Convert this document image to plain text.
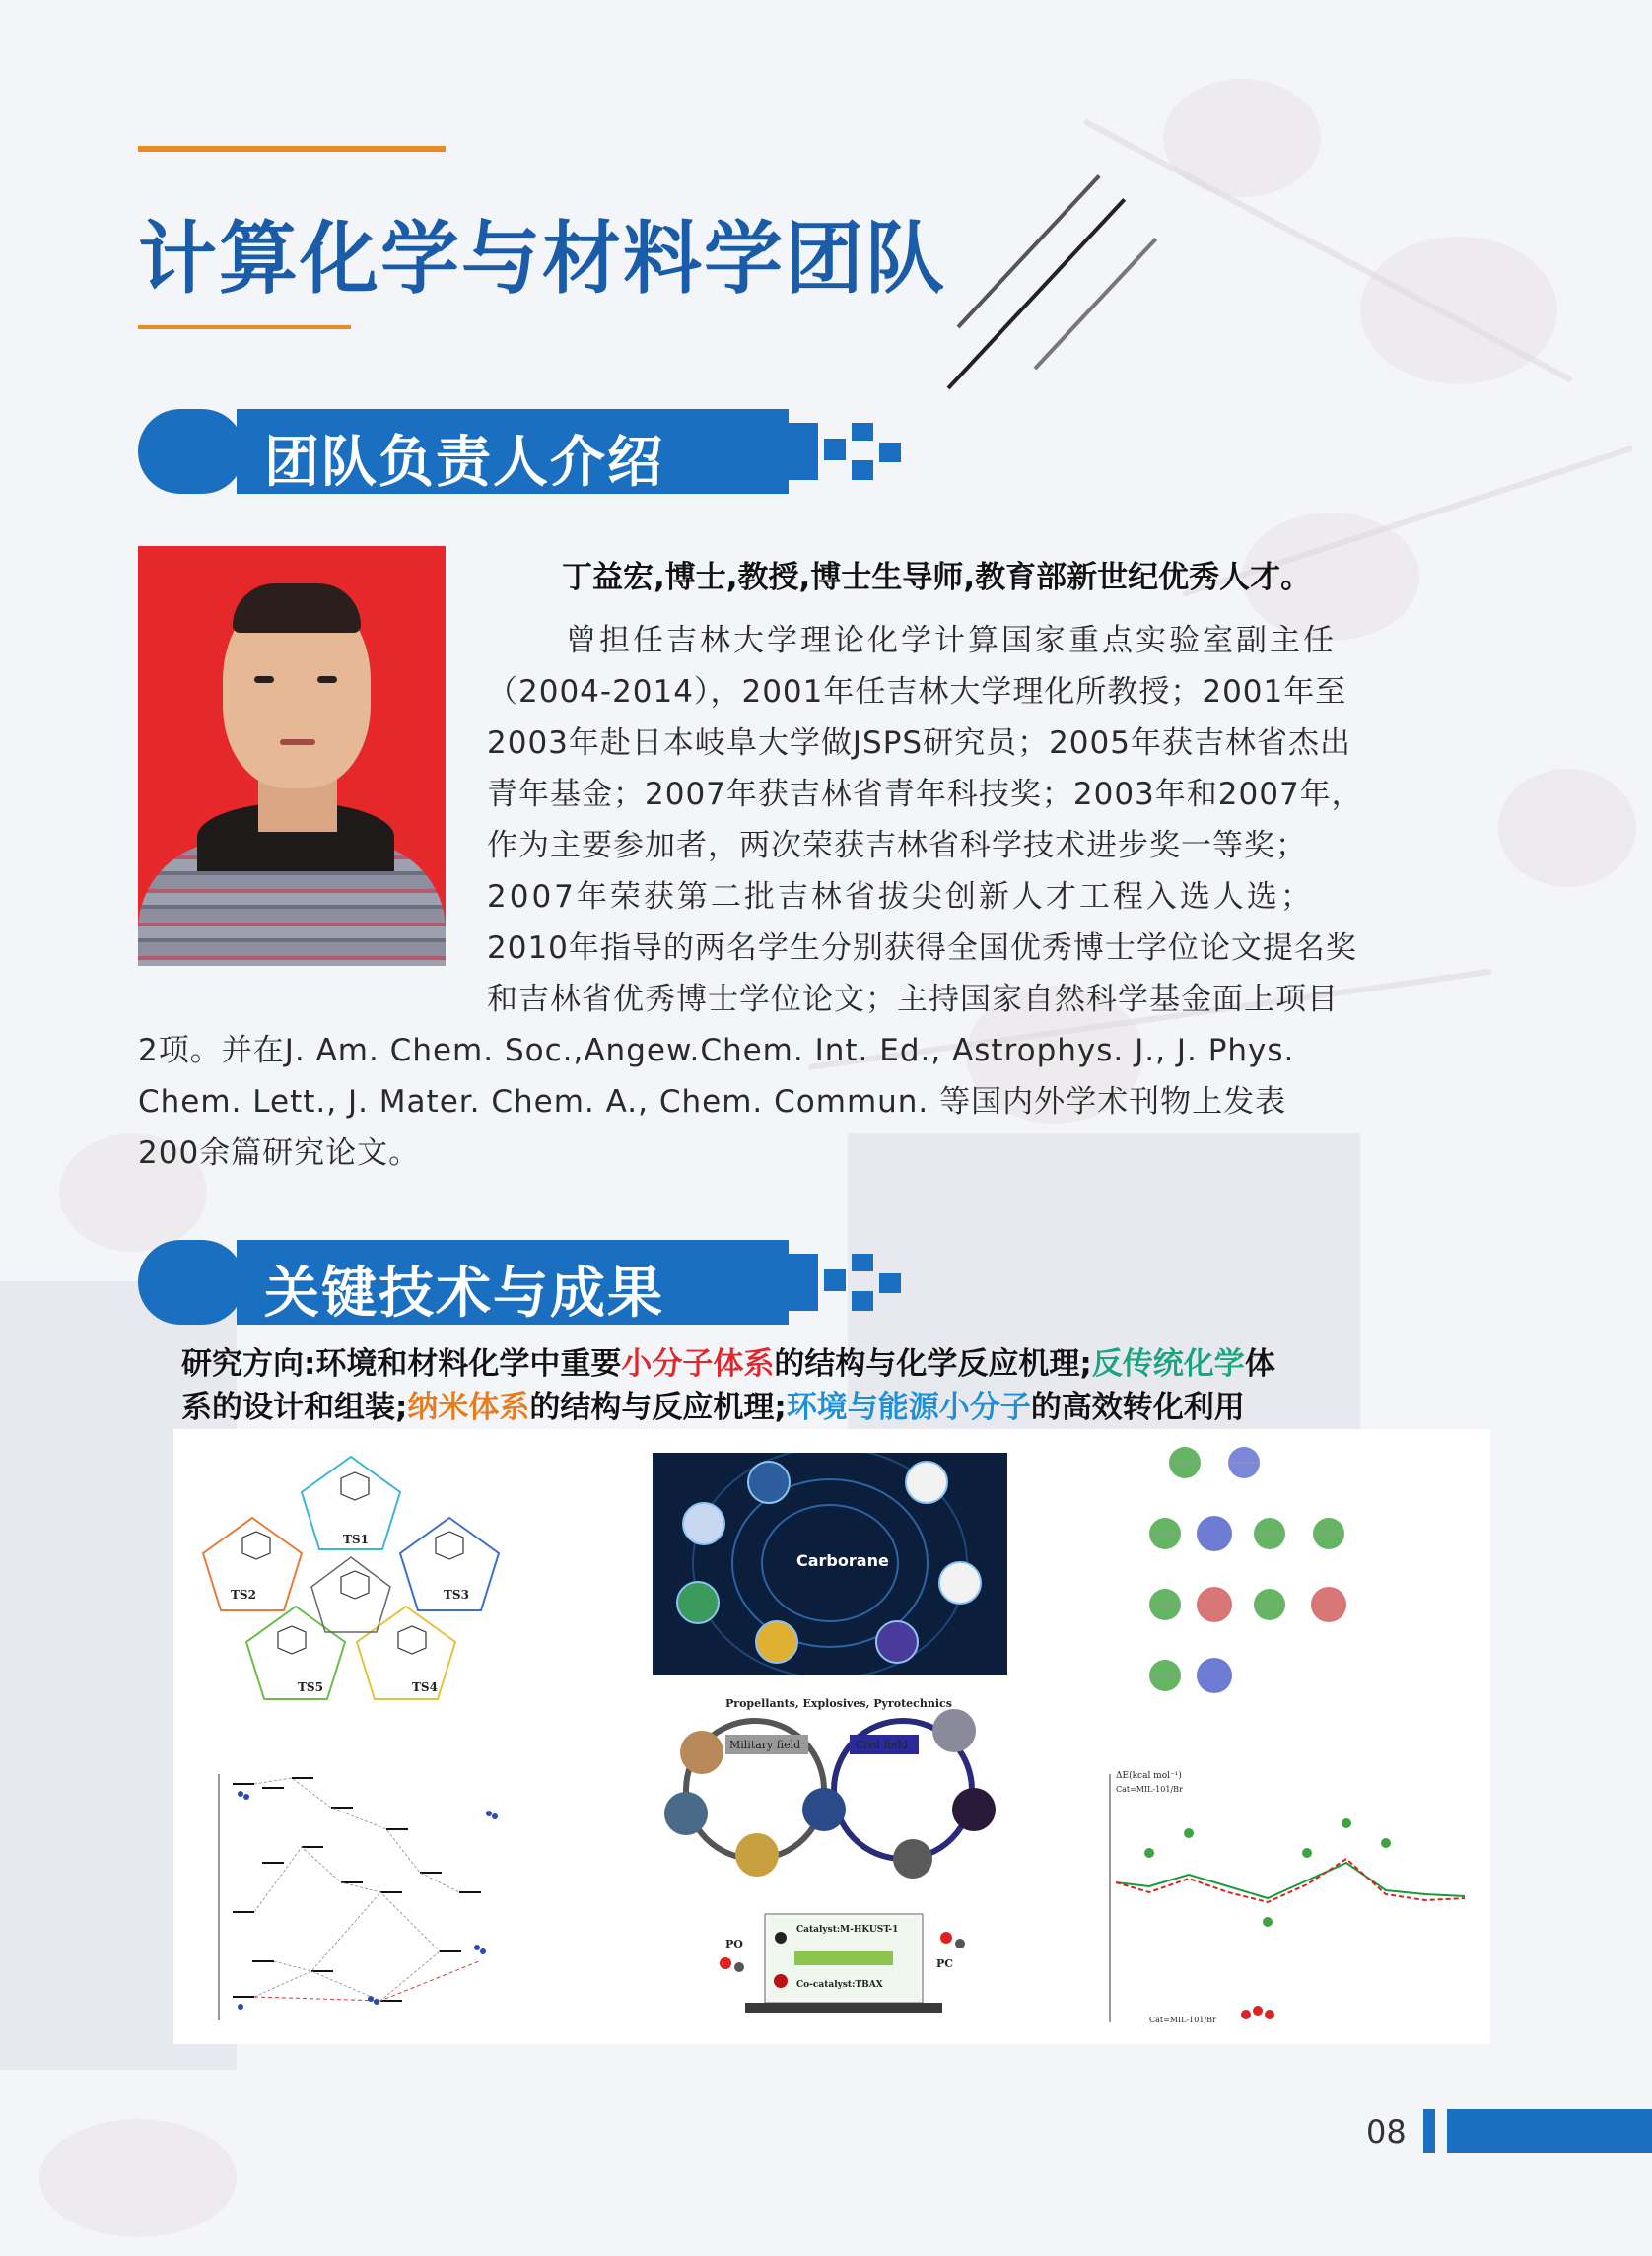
计算化学与材料学团队
团队负责人介绍
丁益宏,博士,教授,博士生导师,教育部新世纪优秀人才。
曾担任吉林大学理论化学计算国家重点实验室副主任
（2004-2014），2001年任吉林大学理化所教授；2001年至
2003年赴日本岐阜大学做JSPS研究员；2005年获吉林省杰出
青年基金；2007年获吉林省青年科技奖；2003年和2007年，
作为主要参加者，两次荣获吉林省科学技术进步奖一等奖；
2007年荣获第二批吉林省拔尖创新人才工程入选人选；
2010年指导的两名学生分别获得全国优秀博士学位论文提名奖
和吉林省优秀博士学位论文；主持国家自然科学基金面上项目
2项。并在J. Am. Chem. Soc.,Angew.Chem. Int. Ed., Astrophys. J., J. Phys.
Chem. Lett., J. Mater. Chem. A., Chem. Commun. 等国内外学术刊物上发表
200余篇研究论文。
关键技术与成果
研究方向:环境和材料化学中重要小分子体系的结构与化学反应机理;反传统化学体
系的设计和组装;纳米体系的结构与反应机理;环境与能源小分子的高效转化利用
TS1
TS2	TS3
TS4
TS5
Carborane
Propellants, Explosives, Pyrotechnics
Military field	Civil field
Catalyst:M-HKUST-1
Co-catalyst:TBAX
PO
PC
ΔE(kcal mol⁻¹)
Cat=MIL-101/Br
Cat=MIL-101/Br
08
